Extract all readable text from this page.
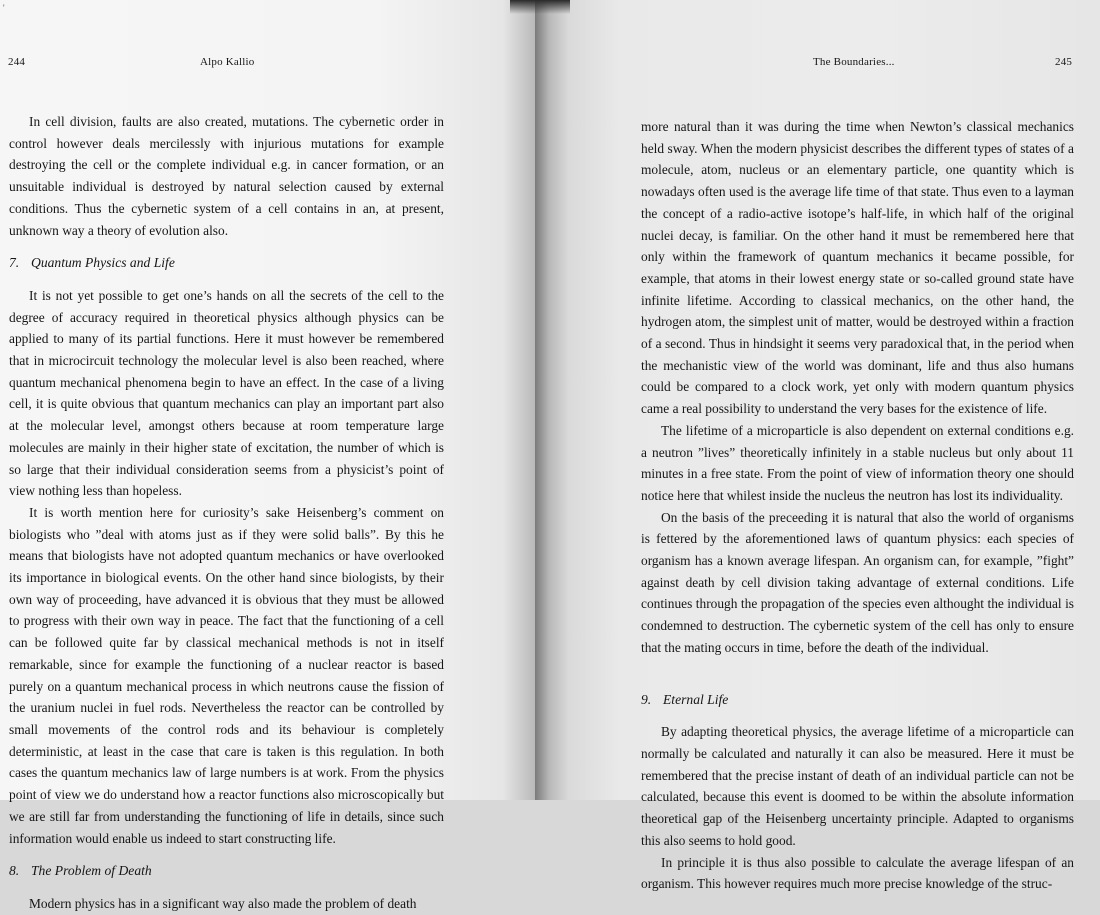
'
244	Alpo Kallio

In cell division, faults are also created, mutations. The cybernetic order in control however deals mercilessly with injurious mutations for example destroying the cell or the complete individual e.g. in cancer formation, or an unsuitable individual is destroyed by natural selection caused by external conditions. Thus the cybernetic system of a cell contains in an, at present, unknown way a theory of evolution also.

7. Quantum Physics and Life

It is not yet possible to get one’s hands on all the secrets of the cell to the degree of accuracy required in theoretical physics although physics can be applied to many of its partial functions. Here it must however be remembered that in microcircuit technology the molecular level is also been reached, where quantum mechanical phenomena begin to have an effect. In the case of a living cell, it is quite obvious that quantum mechanics can play an important part also at the molecular level, amongst others because at room temperature large molecules are mainly in their higher state of excitation, the number of which is so large that their individual consideration seems from a physicist’s point of view nothing less than hopeless.

It is worth mention here for curiosity’s sake Heisenberg’s comment on biologists who ”deal with atoms just as if they were solid balls”. By this he means that biologists have not adopted quantum mechanics or have overlooked its importance in biological events. On the other hand since biologists, by their own way of proceeding, have advanced it is obvious that they must be allowed to progress with their own way in peace. The fact that the functioning of a cell can be followed quite far by classical mechanical methods is not in itself remarkable, since for example the functioning of a nuclear reactor is based purely on a quantum mechanical process in which neutrons cause the fission of the uranium nuclei in fuel rods. Nevertheless the reactor can be controlled by small movements of the control rods and its behaviour is completely deterministic, at least in the case that care is taken is this regulation. In both cases the quantum mechanics law of large numbers is at work. From the physics point of view we do understand how a reactor functions also microscopically but we are still far from understanding the functioning of life in details, since such information would enable us indeed to start constructing life.

8. The Problem of Death

Modern physics has in a significant way also made the problem of death

The Boundaries...	245

more natural than it was during the time when Newton’s classical mechanics held sway. When the modern physicist describes the different types of states of a molecule, atom, nucleus or an elementary particle, one quantity which is nowadays often used is the average life time of that state. Thus even to a layman the concept of a radio-active isotope’s half-life, in which half of the original nuclei decay, is familiar. On the other hand it must be remembered here that only within the framework of quantum mechanics it became possible, for example, that atoms in their lowest energy state or so-called ground state have infinite lifetime. According to classical mechanics, on the other hand, the hydrogen atom, the simplest unit of matter, would be destroyed within a fraction of a second. Thus in hindsight it seems very paradoxical that, in the period when the mechanistic view of the world was dominant, life and thus also humans could be compared to a clock work, yet only with modern quantum physics came a real possibility to understand the very bases for the existence of life.

The lifetime of a microparticle is also dependent on external conditions e.g. a neutron ”lives” theoretically infinitely in a stable nucleus but only about 11 minutes in a free state. From the point of view of information theory one should notice here that whilest inside the nucleus the neutron has lost its individuality.

On the basis of the preceeding it is natural that also the world of organisms is fettered by the aforementioned laws of quantum physics: each species of organism has a known average lifespan. An organism can, for example, ”fight” against death by cell division taking advantage of external conditions. Life continues through the propagation of the species even althought the individual is condemned to destruction. The cybernetic system of the cell has only to ensure that the mating occurs in time, before the death of the individual.

9. Eternal Life

By adapting theoretical physics, the average lifetime of a microparticle can normally be calculated and naturally it can also be measured. Here it must be remembered that the precise instant of death of an individual particle can not be calculated, because this event is doomed to be within the absolute information theoretical gap of the Heisenberg uncertainty principle. Adapted to organisms this also seems to hold good.

In principle it is thus also possible to calculate the average lifespan of an organism. This however requires much more precise knowledge of the struc-
